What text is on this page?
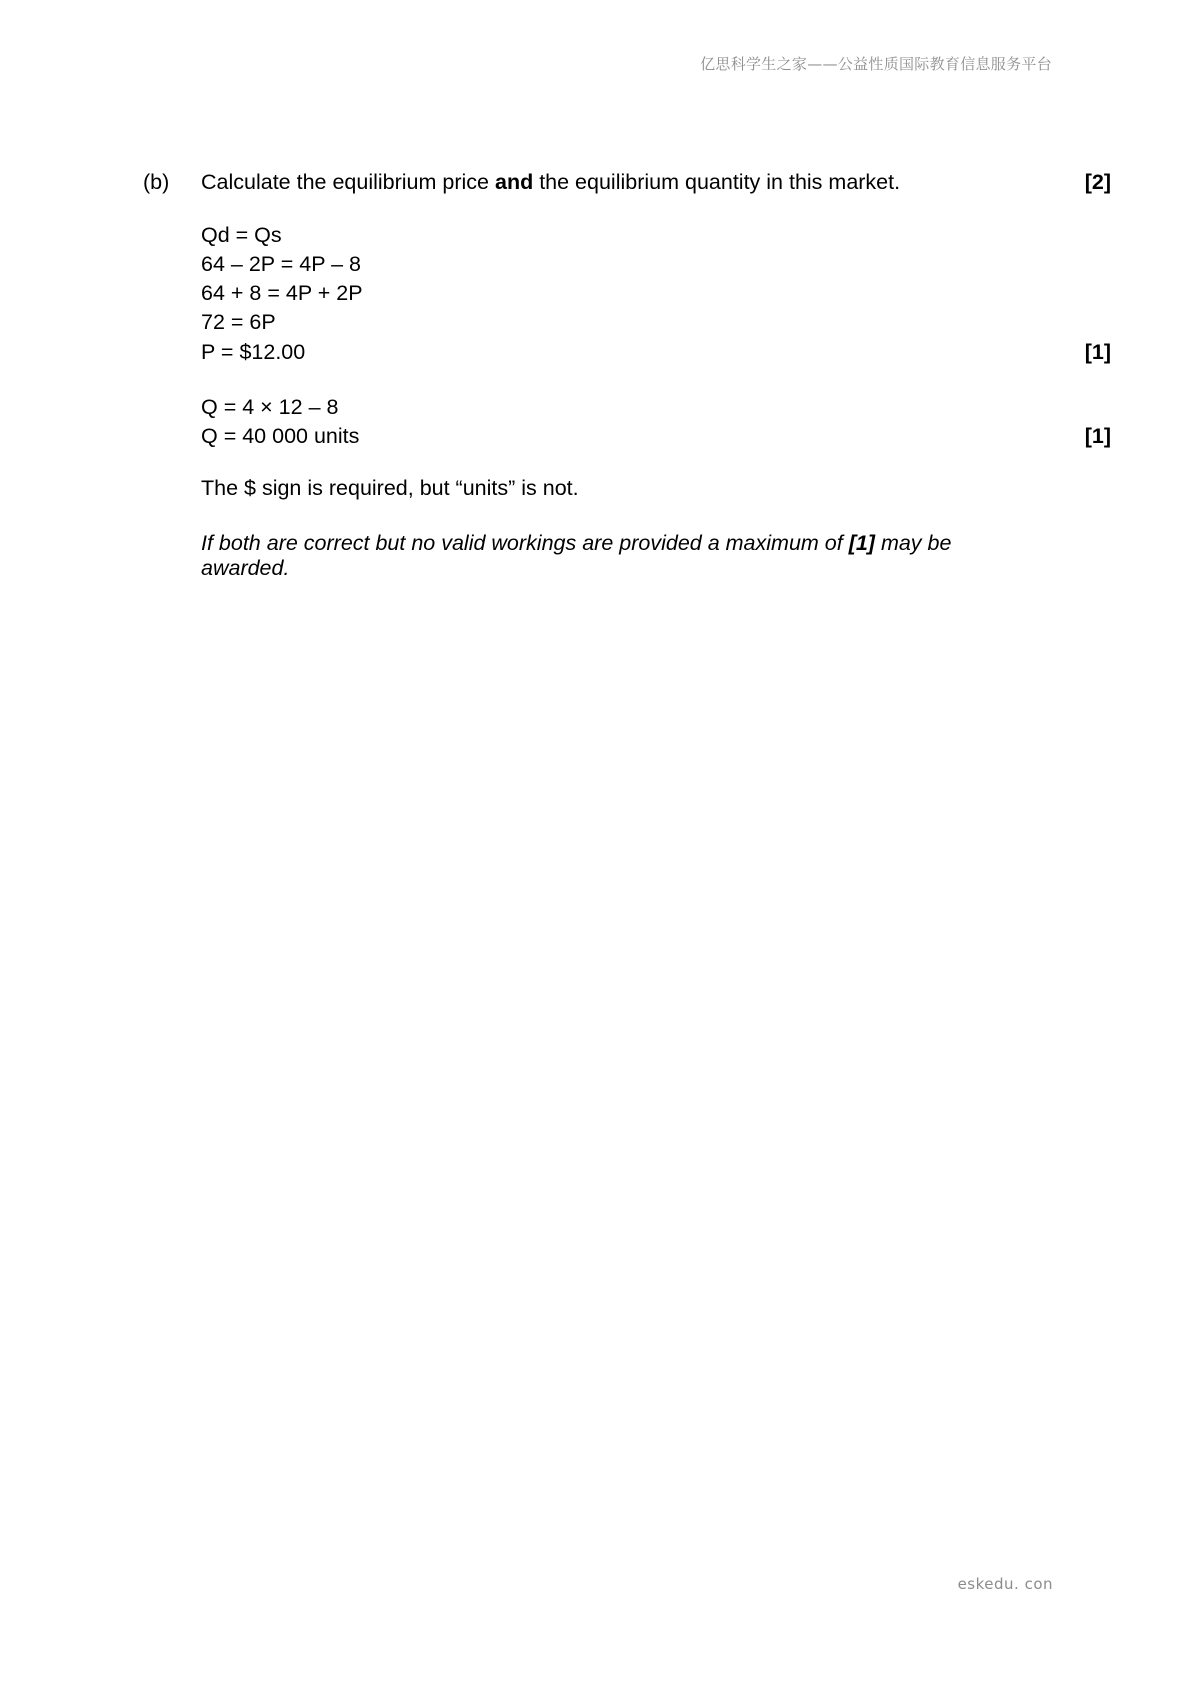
亿思科学生之家——公益性质国际教育信息服务平台
(b) Calculate the equilibrium price and the equilibrium quantity in this market.	[2]
Qd = Qs
64 – 2P = 4P – 8
64 + 8 = 4P + 2P
72 = 6P
P = $12.00	[1]
Q = 4 × 12 – 8
Q = 40 000 units	[1]
The $ sign is required, but “units” is not.
If both are correct but no valid workings are provided a maximum of [1] may be awarded.
eskedu. con
